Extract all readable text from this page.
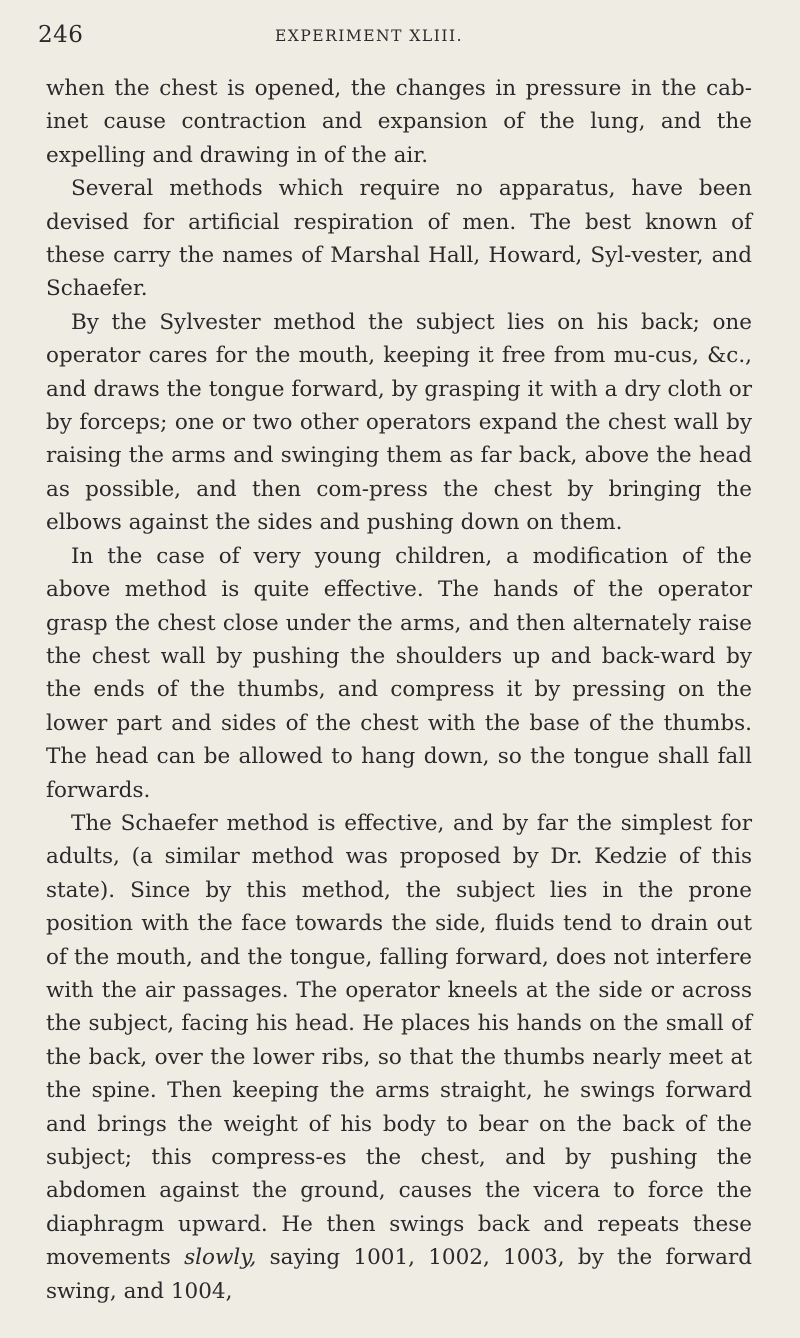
246	EXPERIMENT XLIII.

when the chest is opened, the changes in pressure in the cab-inet cause contraction and expansion of the lung, and the expelling and drawing in of the air.

Several methods which require no apparatus, have been devised for artificial respiration of men. The best known of these carry the names of Marshal Hall, Howard, Syl-vester, and Schaefer.

By the Sylvester method the subject lies on his back; one operator cares for the mouth, keeping it free from mu-cus, &c., and draws the tongue forward, by grasping it with a dry cloth or by forceps; one or two other operators expand the chest wall by raising the arms and swinging them as far back, above the head as possible, and then com-press the chest by bringing the elbows against the sides and pushing down on them.

In the case of very young children, a modification of the above method is quite effective. The hands of the operator grasp the chest close under the arms, and then alternately raise the chest wall by pushing the shoulders up and back-ward by the ends of the thumbs, and compress it by pressing on the lower part and sides of the chest with the base of the thumbs. The head can be allowed to hang down, so the tongue shall fall forwards.

The Schaefer method is effective, and by far the simplest for adults, (a similar method was proposed by Dr. Kedzie of this state). Since by this method, the subject lies in the prone position with the face towards the side, fluids tend to drain out of the mouth, and the tongue, falling forward, does not interfere with the air passages. The operator kneels at the side or across the subject, facing his head. He places his hands on the small of the back, over the lower ribs, so that the thumbs nearly meet at the spine. Then keeping the arms straight, he swings forward and brings the weight of his body to bear on the back of the subject; this compress-es the chest, and by pushing the abdomen against the ground, causes the vicera to force the diaphragm upward. He then swings back and repeats these movements slowly, saying 1001, 1002, 1003, by the forward swing, and 1004,
